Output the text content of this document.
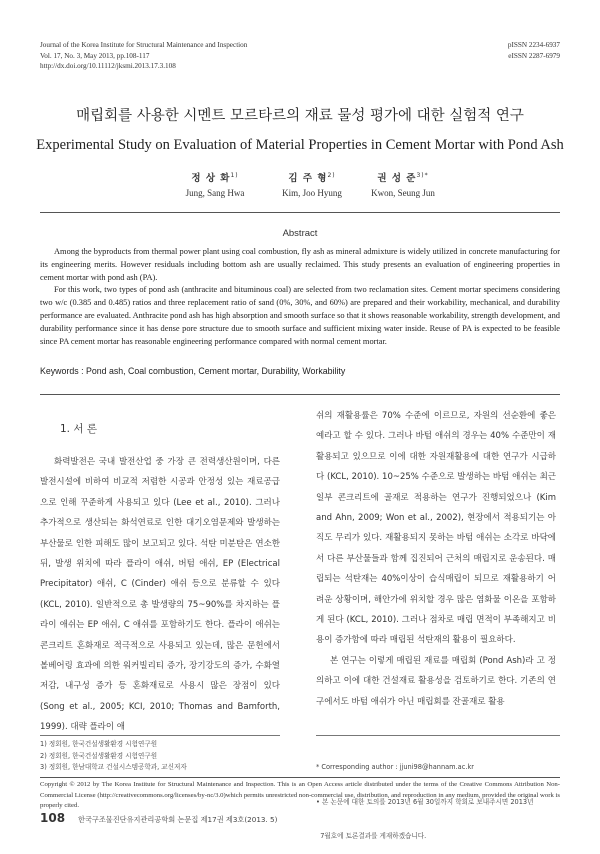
Journal of the Korea Institute for Structural Maintenance and Inspection
Vol. 17, No. 3, May 2013, pp.108-117
http://dx.doi.org/10.11112/jksmi.2013.17.3.108
pISSN 2234-6937
eISSN 2287-6979
매립회를 사용한 시멘트 모르타르의 재료 물성 평가에 대한 실험적 연구
Experimental Study on Evaluation of Material Properties in Cement Mortar with Pond Ash
정 상 화$^{1)}$
Jung, Sang Hwa
김 주 형$^{2)}$
Kim, Joo Hyung
권 성 준$^{3)*}$
Kwon, Seung Jun
Abstract

Among the byproducts from thermal power plant using coal combustion, fly ash as mineral admixture is widely utilized in concrete manufacturing for its engineering merits. However residuals including bottom ash are usually reclaimed. This study presents an evaluation of engineering properties in cement mortar with pond ash (PA).

For this work, two types of pond ash (anthracite and bituminous coal) are selected from two reclamation sites. Cement mortar specimens considering two w/c (0.385 and 0.485) ratios and three replacement ratio of sand (0%, 30%, and 60%) are prepared and their workability, mechanical, and durability performance are evaluated. Anthracite pond ash has high absorption and smooth surface so that it shows reasonable workability, strength development, and durability performance since it has dense pore structure due to smooth surface and sufficient mixing water inside. Reuse of PA is expected to be feasible since PA cement mortar has reasonable engineering performance compared with normal cement mortar.

Keywords : Pond ash, Coal combustion, Cement mortar, Durability, Workability
1. 서 론

화력발전은 국내 발전산업 중 가장 큰 전력생산원이며, 다른 발전시설에 비하여 비교적 저렴한 시공과 안정성 있는 재료공급으로 인해 꾸준하게 사용되고 있다 (Lee et al., 2010). 그러나 추가적으로 생산되는 화석연료로 인한 대기오염문제와 발생하는 부산물로 인한 피해도 많이 보고되고 있다. 석탄 미분탄은 연소한 뒤, 발생 위치에 따라 플라이 애쉬, 버텀 애쉬, EP (Electrical Precipitator) 애쉬, C (Cinder) 애쉬 등으로 분류할 수 있다 (KCL, 2010). 일반적으로 총 발생량의 75~90%를 차지하는 플라이 애쉬는 EP 애쉬, C 애쉬를 포함하기도 한다. 플라이 애쉬는 콘크리트 혼화재로 적극적으로 사용되고 있는데, 많은 문헌에서 볼베어링 효과에 의한 워커빌리티 증가, 장기강도의 증가, 수화열 저감, 내구성 증가 등 혼화재료로 사용시 많은 장점이 있다 (Song et al., 2005; KCI, 2010; Thomas and Bamforth, 1999). 대략 플라이 애

쉬의 재활용률은 70% 수준에 이르므로, 자원의 선순환에 좋은 예라고 할 수 있다. 그러나 바텀 애쉬의 경우는 40% 수준만이 재활용되고 있으므로 이에 대한 자원재활용에 대한 연구가 시급하다 (KCL, 2010). 10~25% 수준으로 발생하는 바텀 애쉬는 최근 일부 콘크리트에 골재로 적용하는 연구가 진행되었으나 (Kim and Ahn, 2009; Won et al., 2002), 현장에서 적용되기는 아직도 무리가 있다. 재활용되지 못하는 바텀 애쉬는 소각로 바닥에서 다른 부산물들과 함께 집진되어 근처의 매립지로 운송된다. 매립되는 석탄재는 40%이상이 습식매립이 되므로 재활용하기 어려운 상황이며, 해안가에 위치할 경우 많은 염화물 이온을 포함하게 된다 (KCL, 2010). 그러나 점차로 매립 면적이 부족해지고 비용이 증가함에 따라 매립된 석탄재의 활용이 필요하다.

본 연구는 이렇게 매립된 재료를 매립회 (Pond Ash)라 고 정의하고 이에 대한 건설재료 활용성을 검토하기로 한다. 기존의 연구에서도 바텀 애쉬가 아닌 매립회를 잔골재로 활용

1) 정회원, 한국건설생활환경 시험연구원
2) 정회원, 한국건설생활환경 시험연구원
3) 정회원, 한남대학교 건설시스템공학과, 교신저자

	* Corresponding author : jjuni98@hannam.ac.kr

• 본 논문에 대한 토의를 2013년 6월 30일까지 학회로 보내주시면 2013년

7월호에 토론결과를 게재하겠습니다.

Copyright © 2012 by The Korea Institute for Structural Maintenance and Inspection. This is an Open Access article distributed under the terms of the Creative Commons Attribution Non-Commercial License (http://creativecommons.org/licenses/by-nc/3.0)which permits unrestricted non-commercial use, distribution, and reproduction in any medium, provided the original work is properly cited.
108 한국구조물진단유지관리공학회 논문집 제17권 제3호(2013. 5)
